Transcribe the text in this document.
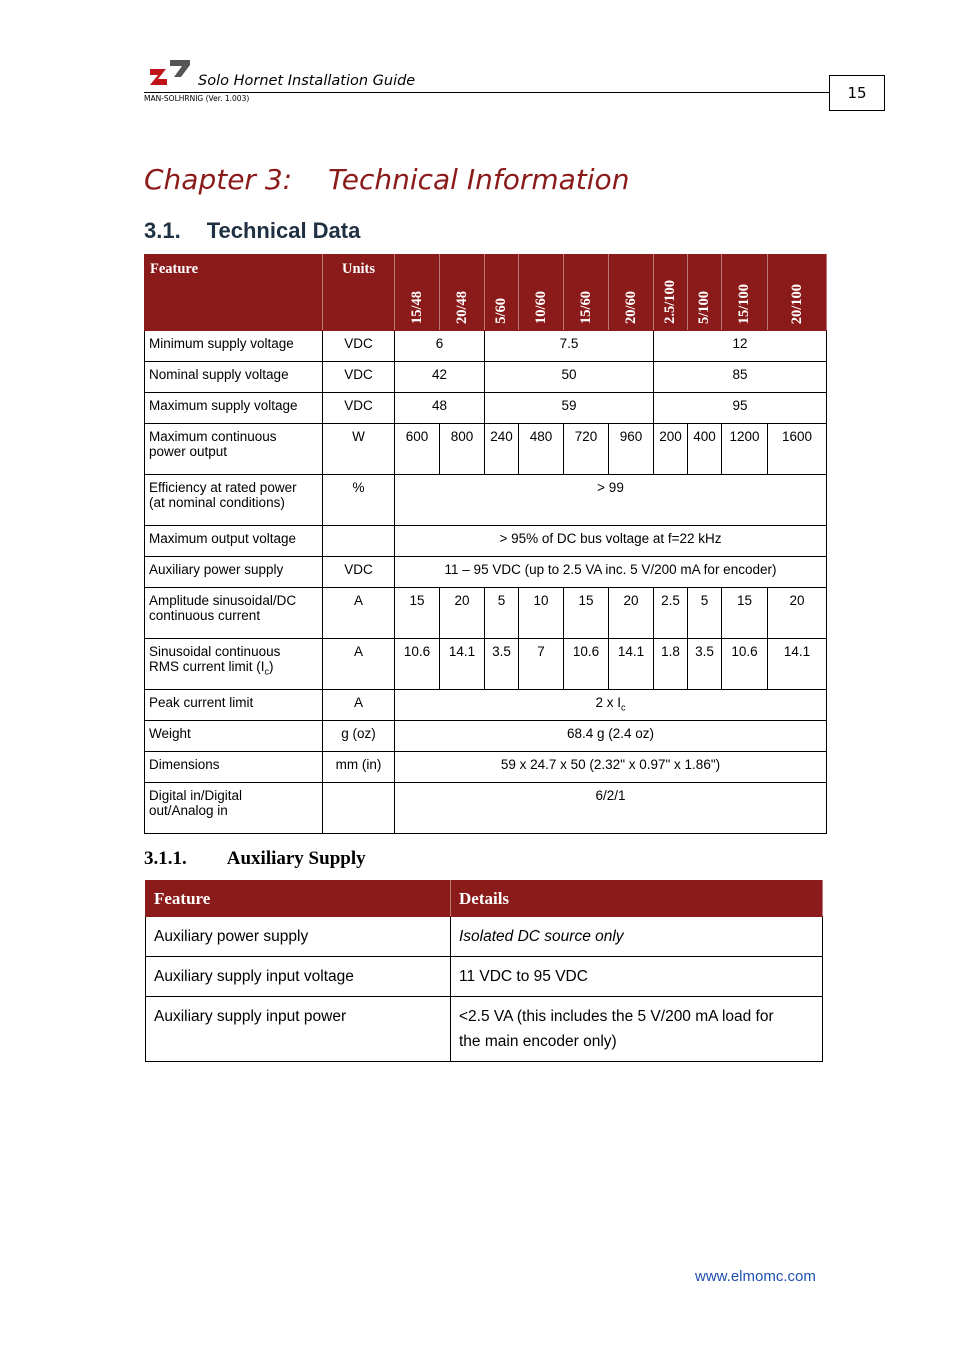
Solo Hornet Installation Guide
MAN-SOLHRNIG (Ver. 1.003)	15
Chapter 3: Technical Information
3.1. Technical Data
Feature	Units	15/48	20/48	5/60	10/60	15/60	20/60	2.5/100	5/100	15/100	20/100

Minimum supply voltage	VDC	6		7.5				12			
Nominal supply voltage	VDC	42		50				85			
Maximum supply voltage	VDC	48		59				95			
Maximum continuous
power output	W	600	800	240	480	720	960	200	400	1200	1600
Efficiency at rated power
(at nominal conditions)	%	> 99									
Maximum output voltage		> 95% of DC bus voltage at f=22 kHz									
Auxiliary power supply	VDC	11 – 95 VDC (up to 2.5 VA inc. 5 V/200 mA for encoder)									
Amplitude sinusoidal/DC
continuous current	A	15	20	5	10	15	20	2.5	5	15	20
Sinusoidal continuous
RMS current limit $(I_c)$	A	10.6	14.1	3.5	7	10.6	14.1	1.8	3.5	10.6	14.1
Peak current limit	A	2 x $I_c$
Weight	g (oz)	68.4 g (2.4 oz)									
Dimensions	mm (in)	59 x 24.7 x 50 (2.32" x 0.97" x 1.86")									
Digital in/Digital
out/Analog in		6/2/1									
3.1.1. Auxiliary Supply
Feature	Details
Auxiliary power supply	Isolated DC source only
Auxiliary supply input voltage	11 VDC to 95 VDC
Auxiliary supply input power	<2.5 VA (this includes the 5 V/200 mA load for
the main encoder only)
www.elmomc.com
